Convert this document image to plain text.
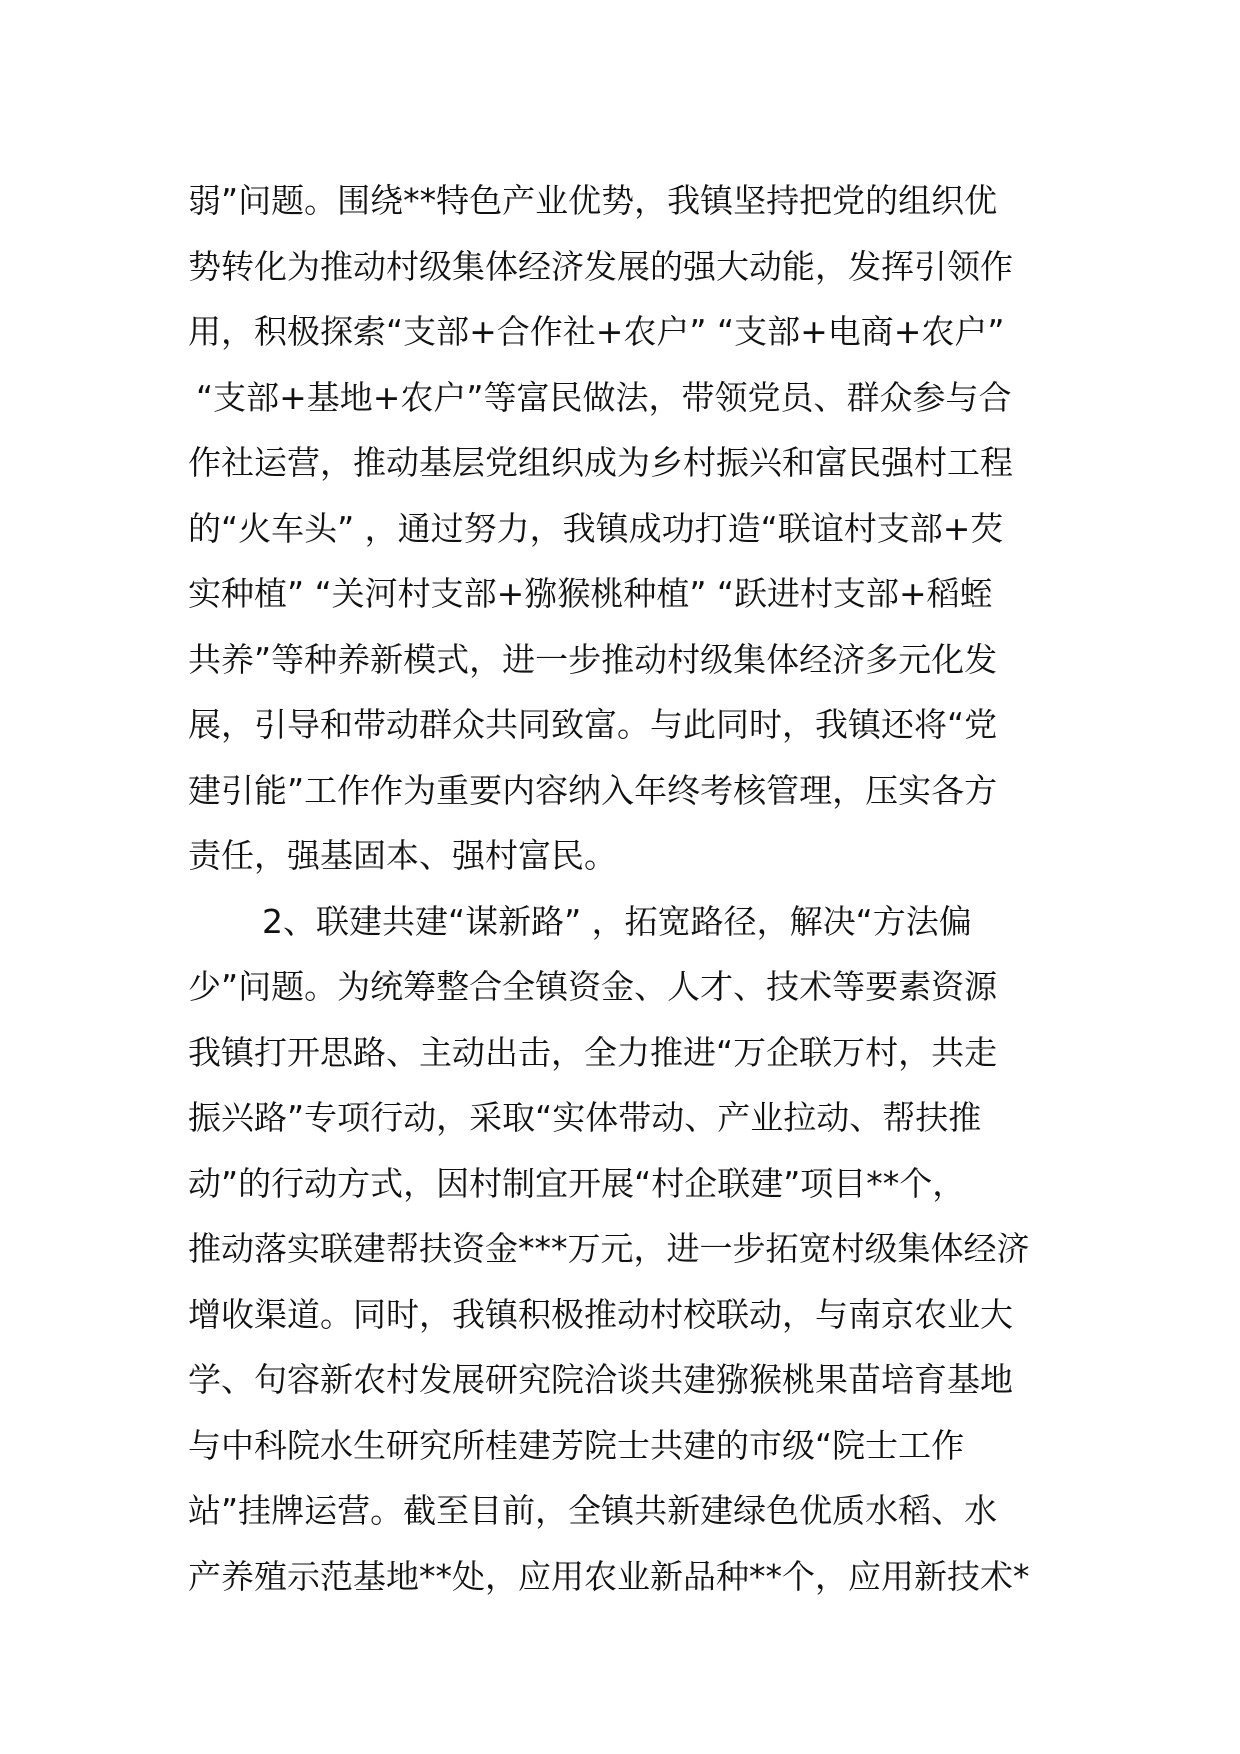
弱”问题。围绕**特色产业优势，我镇坚持把党的组织优
势转化为推动村级集体经济发展的强大动能，发挥引领作
用，积极探索“支部+合作社+农户” “支部+电商+农户”
“支部+基地+农户”等富民做法，带领党员、群众参与合
作社运营，推动基层党组织成为乡村振兴和富民强村工程
的“火车头” ，通过努力，我镇成功打造“联谊村支部+芡
实种植” “关河村支部+猕猴桃种植” “跃进村支部+稻蛭
共养”等种养新模式，进一步推动村级集体经济多元化发
展，引导和带动群众共同致富。与此同时，我镇还将“党
建引能”工作作为重要内容纳入年终考核管理，压实各方
责任，强基固本、强村富民。
2、联建共建“谋新路” ，拓宽路径，解决“方法偏
少”问题。为统筹整合全镇资金、人才、技术等要素资源
我镇打开思路、主动出击，全力推进“万企联万村，共走
振兴路”专项行动，采取“实体带动、产业拉动、帮扶推
动”的行动方式，因村制宜开展“村企联建”项目**个，
推动落实联建帮扶资金***万元，进一步拓宽村级集体经济
增收渠道。同时，我镇积极推动村校联动，与南京农业大
学、句容新农村发展研究院洽谈共建猕猴桃果苗培育基地
与中科院水生研究所桂建芳院士共建的市级“院士工作
站”挂牌运营。截至目前，全镇共新建绿色优质水稻、水
产养殖示范基地**处，应用农业新品种**个，应用新技术*
